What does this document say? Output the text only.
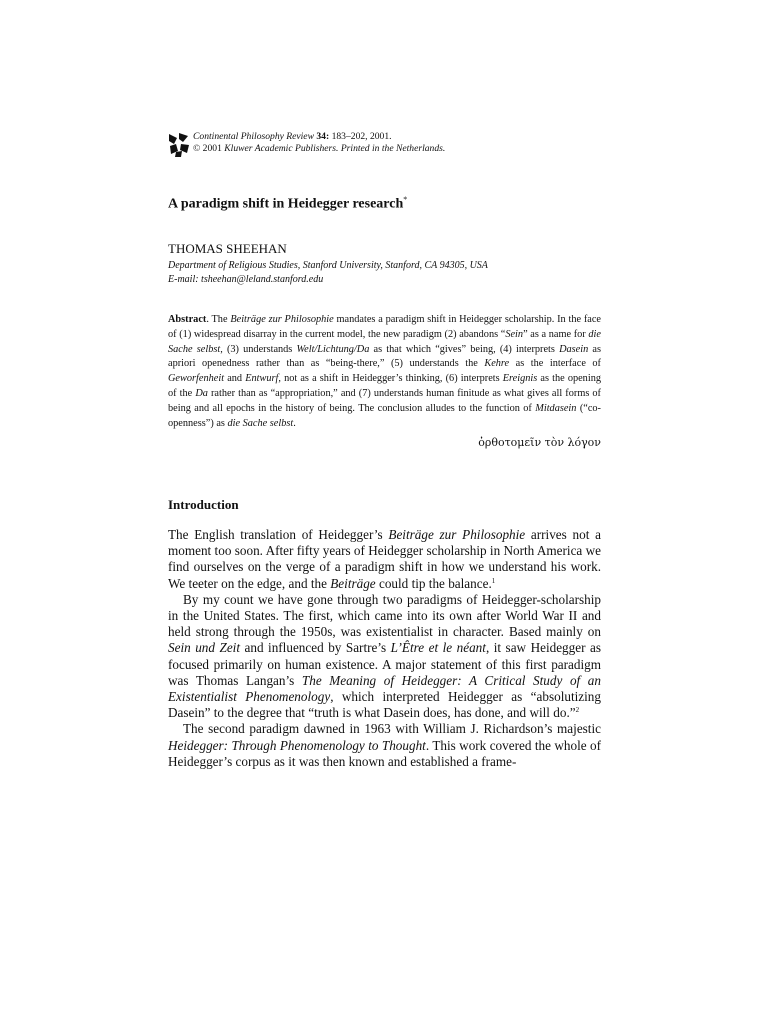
Continental Philosophy Review 34: 183–202, 2001.
© 2001 Kluwer Academic Publishers. Printed in the Netherlands.
A paradigm shift in Heidegger research*
THOMAS SHEEHAN
Department of Religious Studies, Stanford University, Stanford, CA 94305, USA
E-mail: tsheehan@leland.stanford.edu
Abstract. The Beiträge zur Philosophie mandates a paradigm shift in Heidegger scholarship. In the face of (1) widespread disarray in the current model, the new paradigm (2) abandons “Sein” as a name for die Sache selbst, (3) understands Welt/Lichtung/Da as that which “gives” being, (4) interprets Dasein as apriori openedness rather than as “being-there,” (5) understands the Kehre as the interface of Geworfenheit and Entwurf, not as a shift in Heidegger’s thinking, (6) interprets Ereignis as the opening of the Da rather than as “appropriation,” and (7) understands human finitude as what gives all forms of being and all epochs in the history of being. The conclusion alludes to the function of Mitdasein (“co-openness”) as die Sache selbst.
ὀρθοτομεῖν τὸν λόγον
Introduction

The English translation of Heidegger’s Beiträge zur Philosophie arrives not a moment too soon. After fifty years of Heidegger scholarship in North America we find ourselves on the verge of a paradigm shift in how we understand his work. We teeter on the edge, and the Beiträge could tip the balance.$^1$

By my count we have gone through two paradigms of Heidegger-scholarship in the United States. The first, which came into its own after World War II and held strong through the 1950s, was existentialist in character. Based mainly on Sein und Zeit and influenced by Sartre’s L’Être et le néant, it saw Heidegger as focused primarily on human existence. A major statement of this first paradigm was Thomas Langan’s The Meaning of Heidegger: A Critical Study of an Existentialist Phenomenology, which interpreted Heidegger as “absolutizing Dasein” to the degree that “truth is what Dasein does, has done, and will do.”$^2$

The second paradigm dawned in 1963 with William J. Richardson’s majestic Heidegger: Through Phenomenology to Thought. This work covered the whole of Heidegger’s corpus as it was then known and established a frame-
